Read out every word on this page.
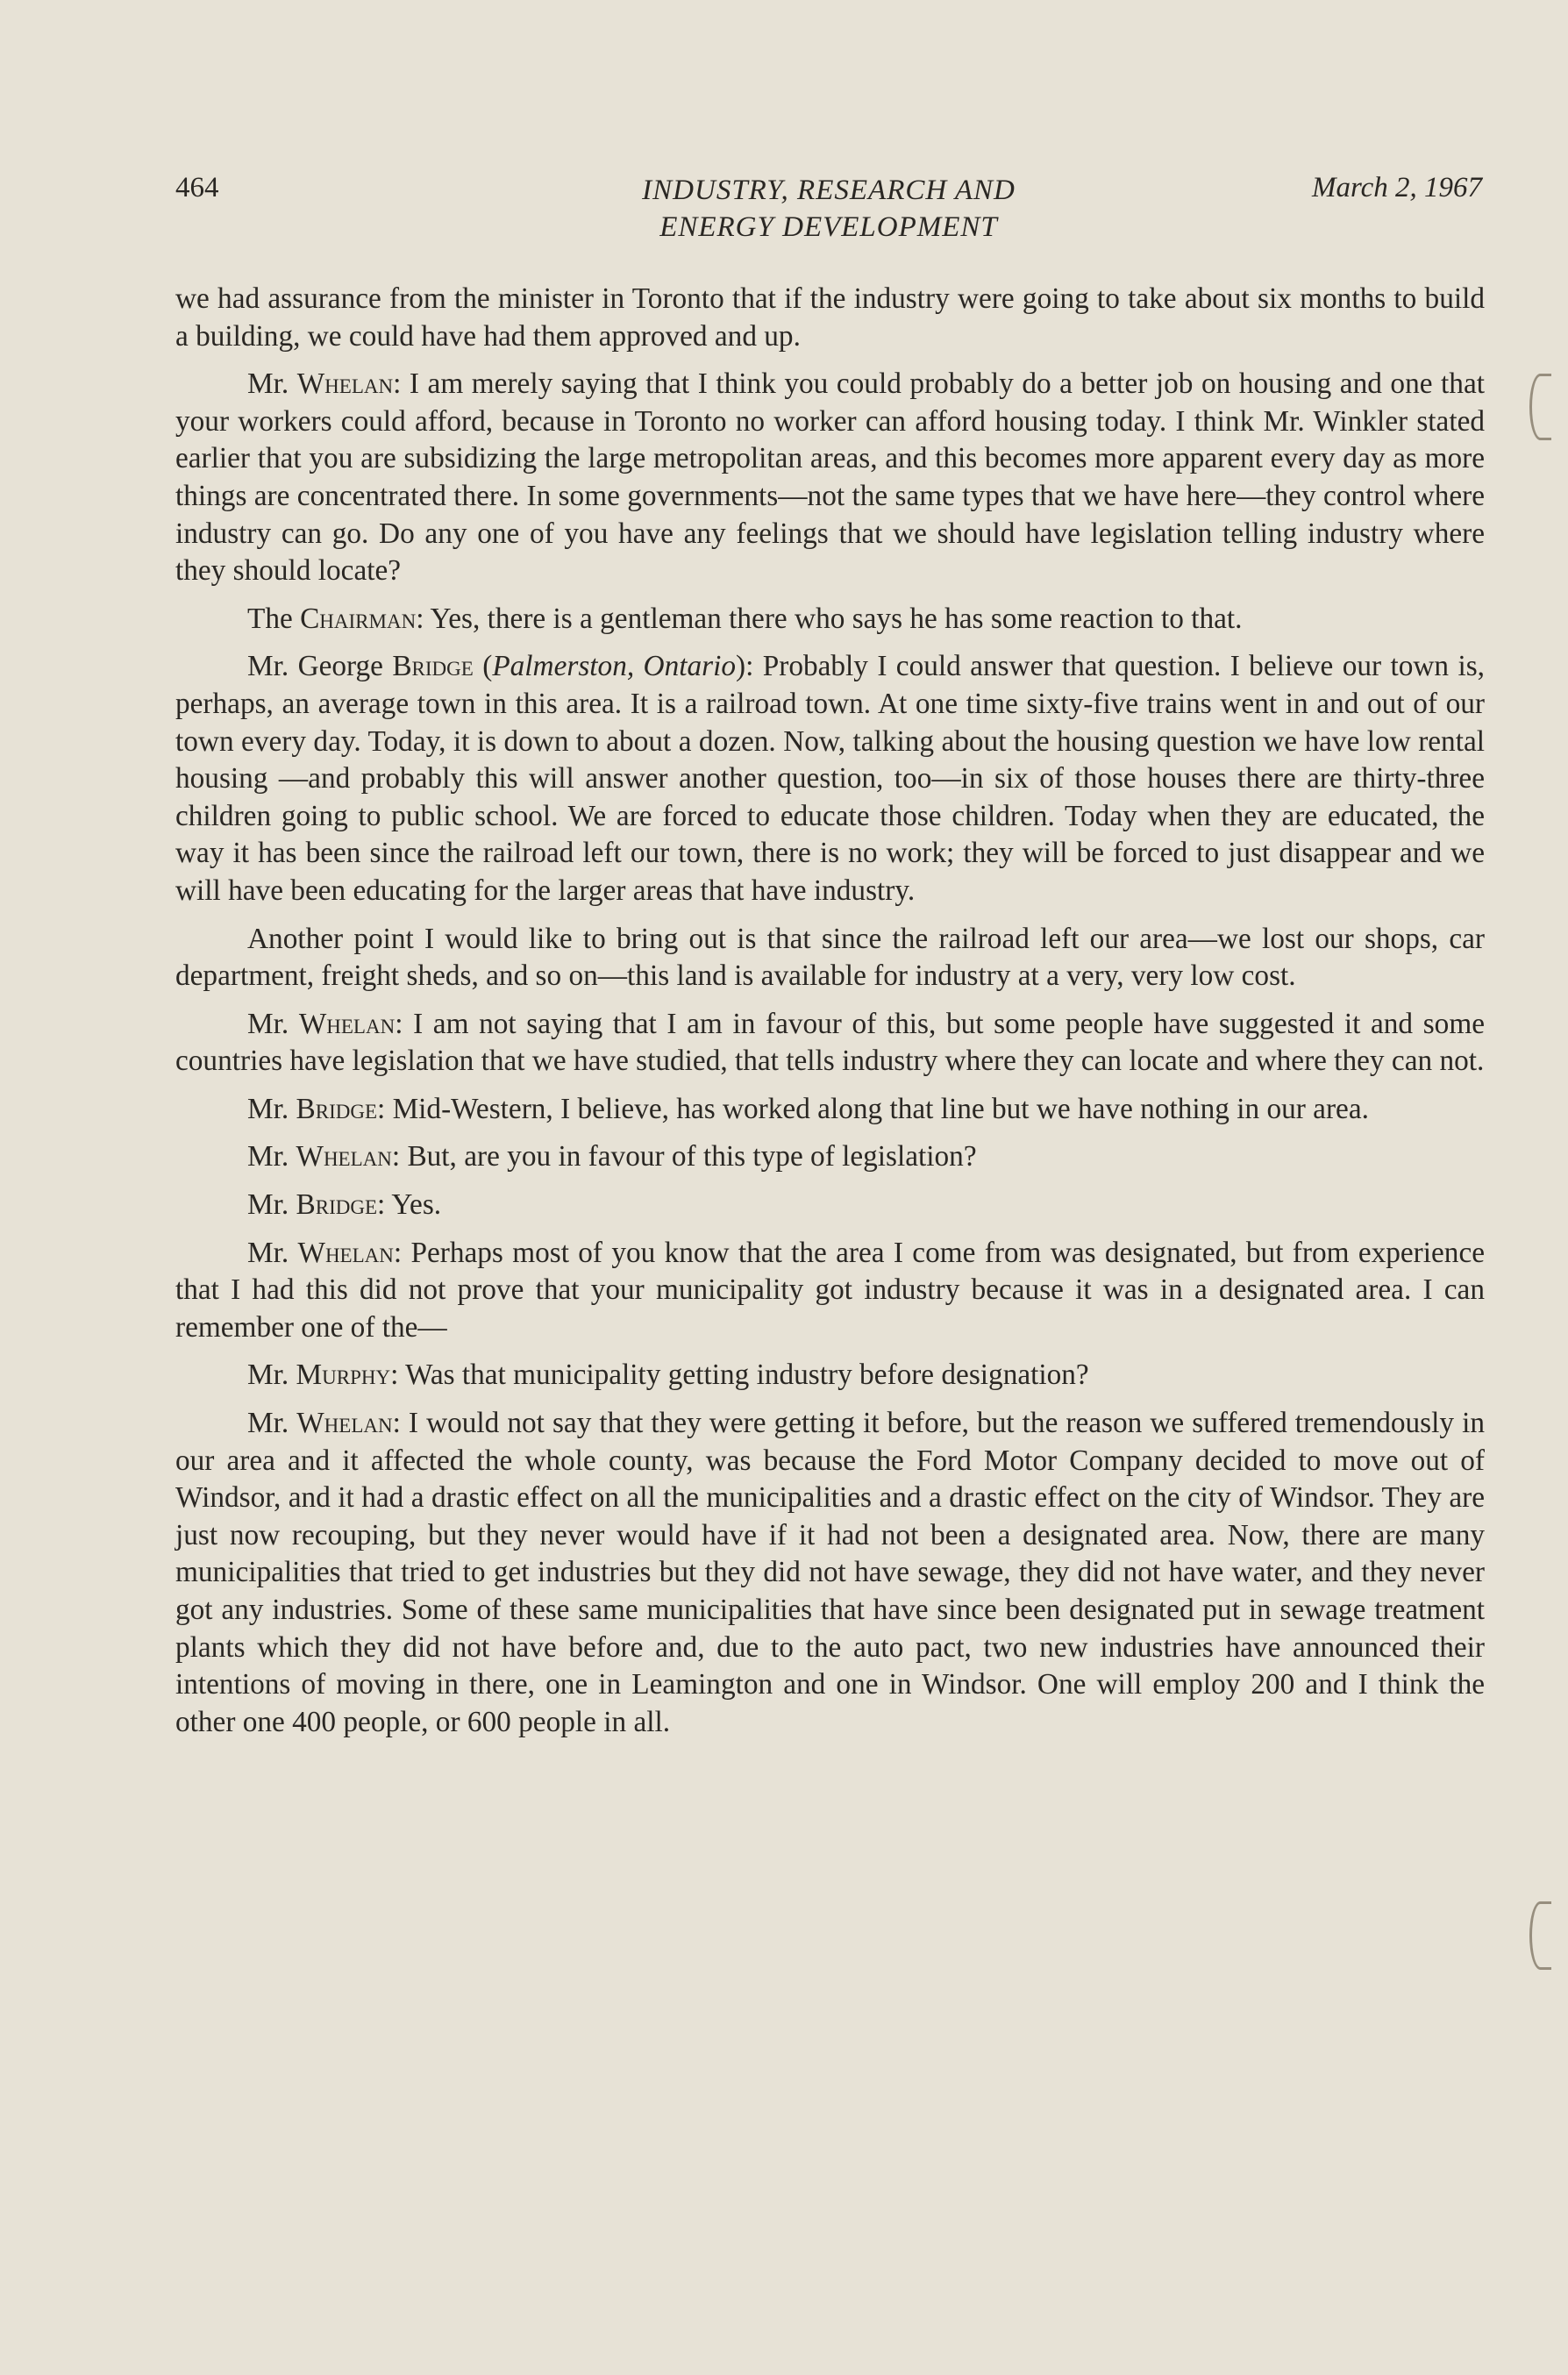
464	INDUSTRY, RESEARCH AND
ENERGY DEVELOPMENT
March 2, 1967

we had assurance from the minister in Toronto that if the industry were going to take about six months to build a building, we could have had them approved and up.

Mr. Whelan: I am merely saying that I think you could probably do a better job on housing and one that your workers could afford, because in Toronto no worker can afford housing today. I think Mr. Winkler stated earlier that you are subsidizing the large metropolitan areas, and this becomes more apparent every day as more things are concentrated there. In some governments—not the same types that we have here—they control where industry can go. Do any one of you have any feelings that we should have legislation telling industry where they should locate?

The Chairman: Yes, there is a gentleman there who says he has some reaction to that.

Mr. George Bridge (Palmerston, Ontario): Probably I could answer that question. I believe our town is, perhaps, an average town in this area. It is a railroad town. At one time sixty-five trains went in and out of our town every day. Today, it is down to about a dozen. Now, talking about the housing question we have low rental housing —and probably this will answer another question, too—in six of those houses there are thirty-three children going to public school. We are forced to educate those children. Today when they are educated, the way it has been since the railroad left our town, there is no work; they will be forced to just disappear and we will have been educating for the larger areas that have industry.

Another point I would like to bring out is that since the railroad left our area—we lost our shops, car department, freight sheds, and so on—this land is available for industry at a very, very low cost.

Mr. Whelan: I am not saying that I am in favour of this, but some people have suggested it and some countries have legislation that we have studied, that tells industry where they can locate and where they can not.

Mr. Bridge: Mid-Western, I believe, has worked along that line but we have nothing in our area.

Mr. Whelan: But, are you in favour of this type of legislation?

Mr. Bridge: Yes.

Mr. Whelan: Perhaps most of you know that the area I come from was designated, but from experience that I had this did not prove that your municipality got industry because it was in a designated area. I can remember one of the—

Mr. Murphy: Was that municipality getting industry before designation?

Mr. Whelan: I would not say that they were getting it before, but the reason we suffered tremendously in our area and it affected the whole county, was because the Ford Motor Company decided to move out of Windsor, and it had a drastic effect on all the municipalities and a drastic effect on the city of Windsor. They are just now recouping, but they never would have if it had not been a designated area. Now, there are many municipalities that tried to get industries but they did not have sewage, they did not have water, and they never got any industries. Some of these same municipalities that have since been designated put in sewage treatment plants which they did not have before and, due to the auto pact, two new industries have announced their intentions of moving in there, one in Leamington and one in Windsor. One will employ 200 and I think the other one 400 people, or 600 people in all.
